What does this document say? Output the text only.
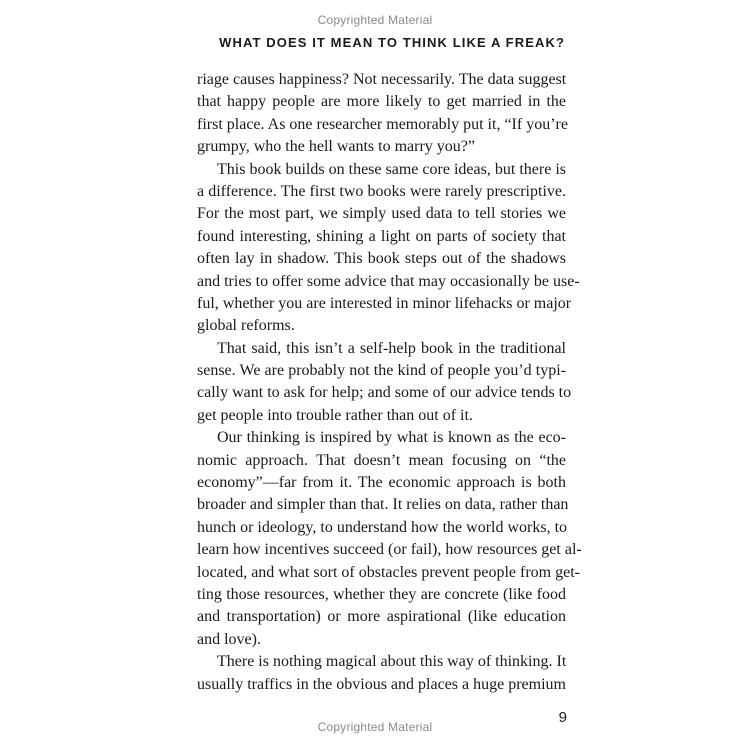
Copyrighted Material
WHAT DOES IT MEAN TO THINK LIKE A FREAK?
riage causes happiness? Not necessarily. The data suggest
that happy people are more likely to get married in the
first place. As one researcher memorably put it, “If you’re
grumpy, who the hell wants to marry you?”
This book builds on these same core ideas, but there is
a difference. The first two books were rarely prescriptive.
For the most part, we simply used data to tell stories we
found interesting, shining a light on parts of society that
often lay in shadow. This book steps out of the shadows
and tries to offer some advice that may occasionally be use-
ful, whether you are interested in minor lifehacks or major
global reforms.
That said, this isn’t a self-help book in the traditional
sense. We are probably not the kind of people you’d typi-
cally want to ask for help; and some of our advice tends to
get people into trouble rather than out of it.
Our thinking is inspired by what is known as the eco-
nomic approach. That doesn’t mean focusing on “the
economy”—far from it. The economic approach is both
broader and simpler than that. It relies on data, rather than
hunch or ideology, to understand how the world works, to
learn how incentives succeed (or fail), how resources get al-
located, and what sort of obstacles prevent people from get-
ting those resources, whether they are concrete (like food
and transportation) or more aspirational (like education
and love).
There is nothing magical about this way of thinking. It
usually traffics in the obvious and places a huge premium
9
Copyrighted Material
